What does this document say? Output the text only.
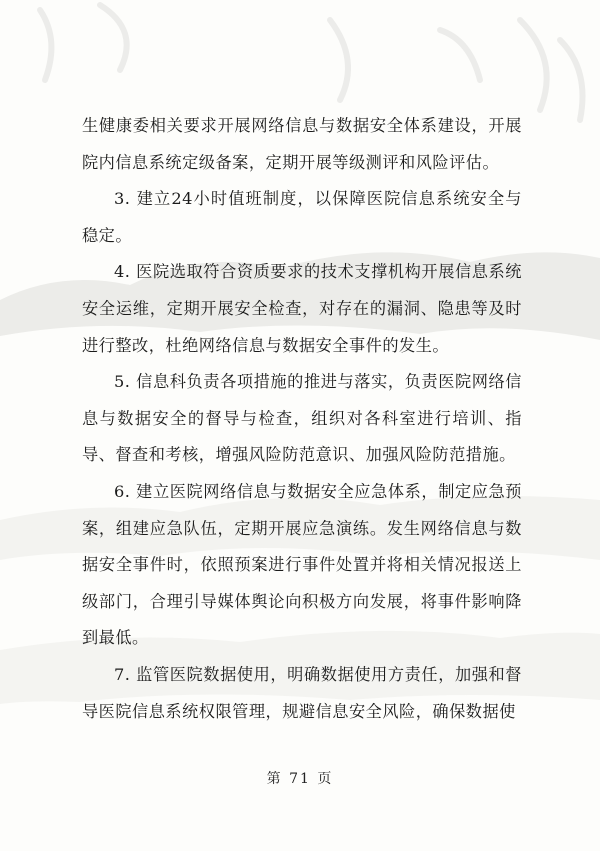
生健康委相关要求开展网络信息与数据安全体系建设，开展院内信息系统定级备案，定期开展等级测评和风险评估。

3. 建立24小时值班制度，以保障医院信息系统安全与稳定。

4. 医院选取符合资质要求的技术支撑机构开展信息系统安全运维，定期开展安全检查，对存在的漏洞、隐患等及时进行整改，杜绝网络信息与数据安全事件的发生。

5. 信息科负责各项措施的推进与落实，负责医院网络信息与数据安全的督导与检查，组织对各科室进行培训、指导、督查和考核，增强风险防范意识、加强风险防范措施。

6. 建立医院网络信息与数据安全应急体系，制定应急预案，组建应急队伍，定期开展应急演练。发生网络信息与数据安全事件时，依照预案进行事件处置并将相关情况报送上级部门，合理引导媒体舆论向积极方向发展，将事件影响降到最低。

7. 监管医院数据使用，明确数据使用方责任，加强和督导医院信息系统权限管理，规避信息安全风险，确保数据使

第 71 页
